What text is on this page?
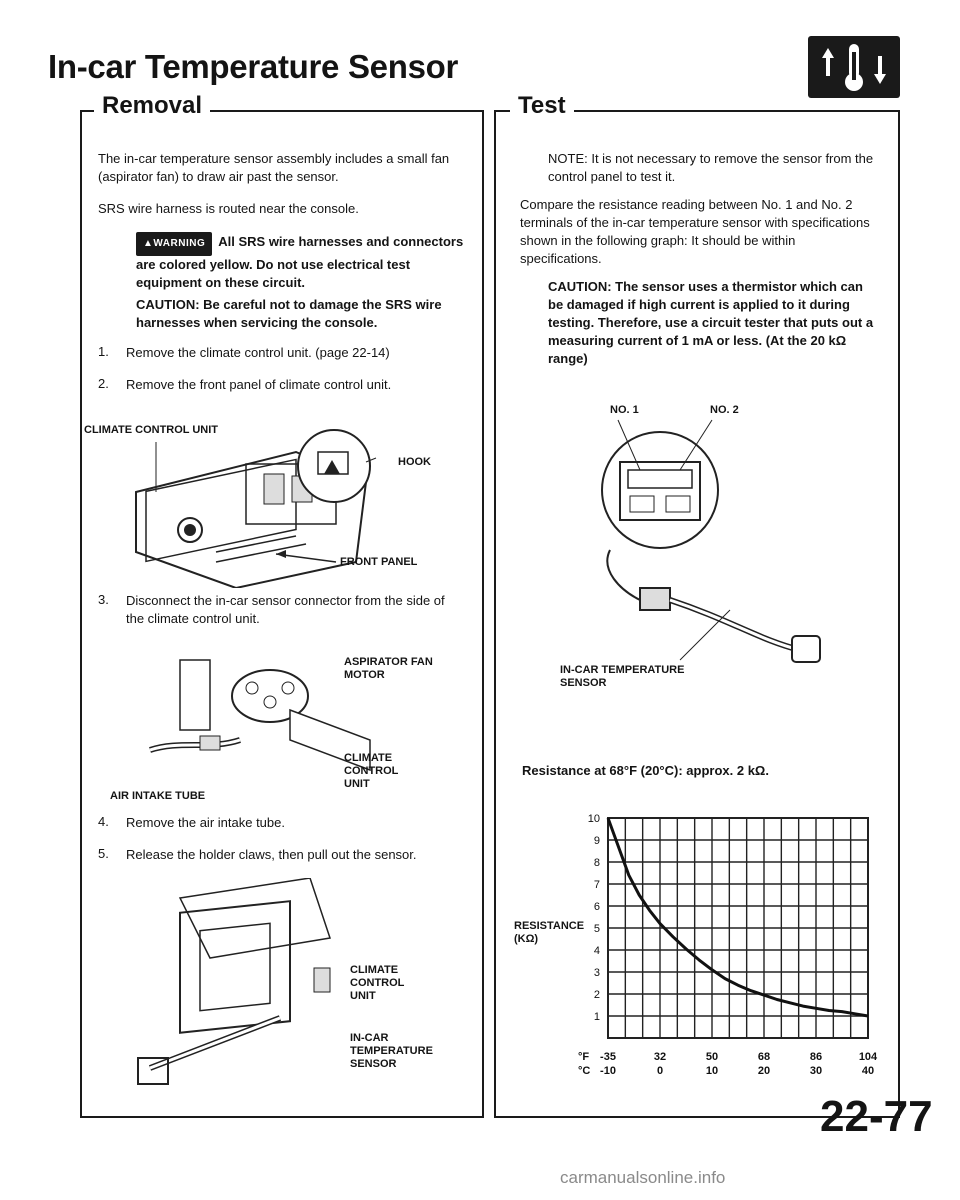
In-car Temperature Sensor
Removal
The in-car temperature sensor assembly includes a small fan (aspirator fan) to draw air past the sensor.
SRS wire harness is routed near the console.
▲WARNING All SRS wire harnesses and connectors are colored yellow. Do not use electrical test equipment on these circuit.
CAUTION: Be careful not to damage the SRS wire harnesses when servicing the console.
1. Remove the climate control unit. (page 22-14)
2. Remove the front panel of climate control unit.
CLIMATE CONTROL UNIT
HOOK
FRONT PANEL
3. Disconnect the in-car sensor connector from the side of the climate control unit.
ASPIRATOR FAN MOTOR
CLIMATE CONTROL UNIT
AIR INTAKE TUBE
4. Remove the air intake tube.
5. Release the holder claws, then pull out the sensor.
CLIMATE CONTROL UNIT
IN-CAR TEMPERATURE SENSOR
Test
NOTE: It is not necessary to remove the sensor from the control panel to test it.
Compare the resistance reading between No. 1 and No. 2 terminals of the in-car temperature sensor with specifications shown in the following graph: It should be within specifications.
CAUTION: The sensor uses a thermistor which can be damaged if high current is applied to it during testing. Therefore, use a circuit tester that puts out a measuring current of 1 mA or less. (At the 20 kΩ range)
NO. 1	NO. 2
IN-CAR TEMPERATURE SENSOR
Resistance at 68°F (20°C): approx. 2 kΩ.
1
2
3
4
5
6
7
8
9
10
°F
°C
-35
-10
32
0
50
10
68
20
86
30
104
40
RESISTANCE (KΩ)
22-77
carmanualsonline.info
